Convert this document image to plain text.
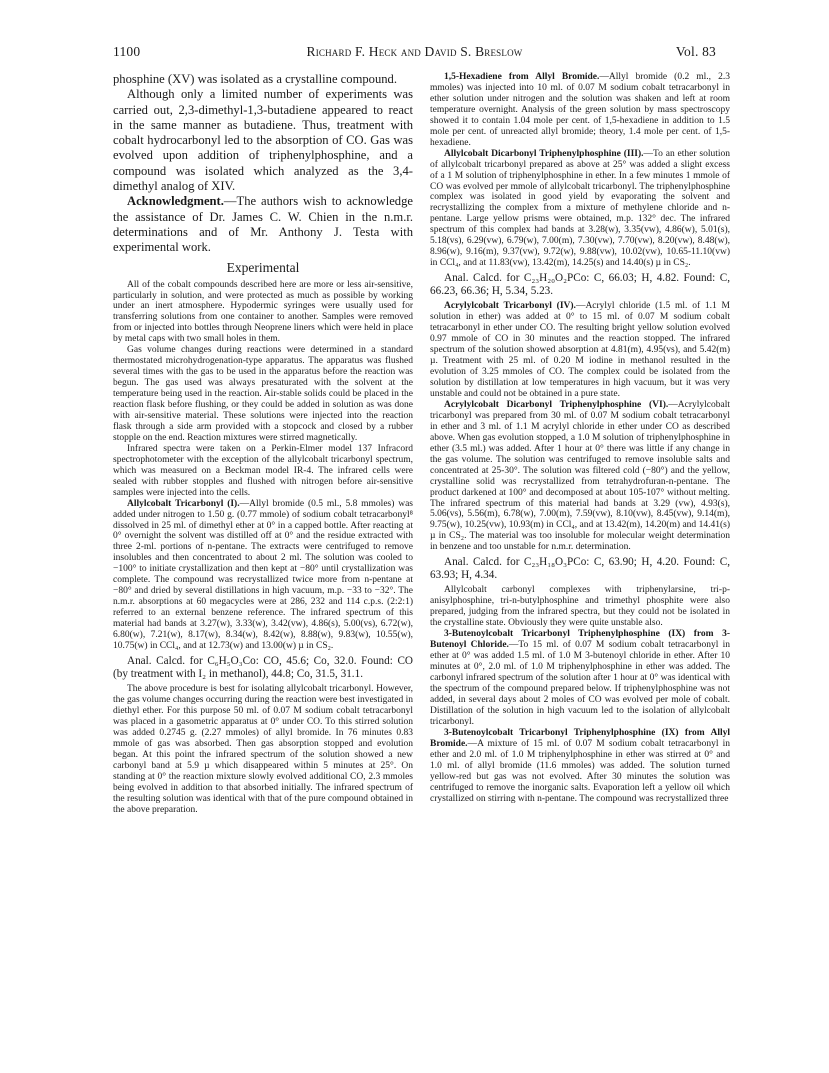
1100	Richard F. Heck and David S. Breslow	Vol. 83

phosphine (XV) was isolated as a crystalline compound.

Although only a limited number of experiments was carried out, 2,3-dimethyl-1,3-butadiene appeared to react in the same manner as butadiene. Thus, treatment with cobalt hydrocarbonyl led to the absorption of CO. Gas was evolved upon addition of triphenylphosphine, and a compound was isolated which analyzed as the 3,4-dimethyl analog of XIV.

Acknowledgment.—The authors wish to acknowledge the assistance of Dr. James C. W. Chien in the n.m.r. determinations and of Mr. Anthony J. Testa with experimental work.

Experimental

All of the cobalt compounds described here are more or less air-sensitive, particularly in solution, and were protected as much as possible by working under an inert atmosphere. Hypodermic syringes were usually used for transferring solutions from one container to another. Samples were removed from or injected into bottles through Neoprene liners which were held in place by metal caps with two small holes in them.

Gas volume changes during reactions were determined in a standard thermostated microhydrogenation-type apparatus. The apparatus was flushed several times with the gas to be used in the apparatus before the reaction was begun. The gas used was always presaturated with the solvent at the temperature being used in the reaction. Air-stable solids could be placed in the reaction flask before flushing, or they could be added in solution as was done with air-sensitive material. These solutions were injected into the reaction flask through a side arm provided with a stopcock and closed by a rubber stopple on the end. Reaction mixtures were stirred magnetically.

Infrared spectra were taken on a Perkin-Elmer model 137 Infracord spectrophotometer with the exception of the allylcobalt tricarbonyl spectrum, which was measured on a Beckman model IR-4. The infrared cells were sealed with rubber stopples and flushed with nitrogen before air-sensitive samples were injected into the cells.

Allylcobalt Tricarbonyl (I).—Allyl bromide (0.5 ml., 5.8 mmoles) was added under nitrogen to 1.50 g. (0.77 mmole) of sodium cobalt tetracarbonyl⁸ dissolved in 25 ml. of dimethyl ether at 0° in a capped bottle. After reacting at 0° overnight the solvent was distilled off at 0° and the residue extracted with three 2-ml. portions of n-pentane. The extracts were centrifuged to remove insolubles and then concentrated to about 2 ml. The solution was cooled to −100° to initiate crystallization and then kept at −80° until crystallization was complete. The compound was recrystallized twice more from n-pentane at −80° and dried by several distillations in high vacuum, m.p. −33 to −32°. The n.m.r. absorptions at 60 megacycles were at 286, 232 and 114 c.p.s. (2:2:1) referred to an external benzene reference. The infrared spectrum of this material had bands at 3.27(w), 3.33(w), 3.42(vw), 4.86(s), 5.00(vs), 6.72(w), 6.80(w), 7.21(w), 8.17(w), 8.34(w), 8.42(w), 8.88(w), 9.83(w), 10.55(w), 10.75(w) in CCl₄, and at 12.73(w) and 13.00(w) µ in CS₂.

Anal. Calcd. for C₆H₅O₃Co: CO, 45.6; Co, 32.0. Found: CO (by treatment with I₂ in methanol), 44.8; Co, 31.5, 31.1.

The above procedure is best for isolating allylcobalt tricarbonyl. However, the gas volume changes occurring during the reaction were best investigated in diethyl ether. For this purpose 50 ml. of 0.07 M sodium cobalt tetracarbonyl was placed in a gasometric apparatus at 0° under CO. To this stirred solution was added 0.2745 g. (2.27 mmoles) of allyl bromide. In 76 minutes 0.83 mmole of gas was absorbed. Then gas absorption stopped and evolution began. At this point the infrared spectrum of the solution showed a new carbonyl band at 5.9 µ which disappeared within 5 minutes at 25°. On standing at 0° the reaction mixture slowly evolved additional CO, 2.3 mmoles being evolved in addition to that absorbed initially. The infrared spectrum of the resulting solution was identical with that of the pure compound obtained in the above preparation.

1,5-Hexadiene from Allyl Bromide.—Allyl bromide (0.2 ml., 2.3 mmoles) was injected into 10 ml. of 0.07 M sodium cobalt tetracarbonyl in ether solution under nitrogen and the solution was shaken and left at room temperature overnight. Analysis of the green solution by mass spectroscopy showed it to contain 1.04 mole per cent. of 1,5-hexadiene in addition to 1.5 mole per cent. of unreacted allyl bromide; theory, 1.4 mole per cent. of 1,5-hexadiene.

Allylcobalt Dicarbonyl Triphenylphosphine (III).—To an ether solution of allylcobalt tricarbonyl prepared as above at 25° was added a slight excess of a 1 M solution of triphenylphosphine in ether. In a few minutes 1 mmole of CO was evolved per mmole of allylcobalt tricarbonyl. The triphenylphosphine complex was isolated in good yield by evaporating the solvent and recrystallizing the complex from a mixture of methylene chloride and n-pentane. Large yellow prisms were obtained, m.p. 132° dec. The infrared spectrum of this complex had bands at 3.28(w), 3.35(vw), 4.86(w), 5.01(s), 5.18(vs), 6.29(vw), 6.79(w), 7.00(m), 7.30(vw), 7.70(vw), 8.20(vw), 8.48(w), 8.96(w), 9.16(m), 9.37(vw), 9.72(w), 9.88(vw), 10.02(vw), 10.65-11.10(vw) in CCl₄, and at 11.83(vw), 13.42(m), 14.25(s) and 14.40(s) µ in CS₂.

Anal. Calcd. for C₂₃H₂₀O₂PCo: C, 66.03; H, 4.82. Found: C, 66.23, 66.36; H, 5.34, 5.23.

Acrylylcobalt Tricarbonyl (IV).—Acrylyl chloride (1.5 ml. of 1.1 M solution in ether) was added at 0° to 15 ml. of 0.07 M sodium cobalt tetracarbonyl in ether under CO. The resulting bright yellow solution evolved 0.97 mmole of CO in 30 minutes and the reaction stopped. The infrared spectrum of the solution showed absorption at 4.81(m), 4.95(vs), and 5.42(m) µ. Treatment with 25 ml. of 0.20 M iodine in methanol resulted in the evolution of 3.25 mmoles of CO. The complex could be isolated from the solution by distillation at low temperatures in high vacuum, but it was very unstable and could not be obtained in a pure state.

Acrylylcobalt Dicarbonyl Triphenylphosphine (VI).—Acrylylcobalt tricarbonyl was prepared from 30 ml. of 0.07 M sodium cobalt tetracarbonyl in ether and 3 ml. of 1.1 M acrylyl chloride in ether under CO as described above. When gas evolution stopped, a 1.0 M solution of triphenylphosphine in ether (3.5 ml.) was added. After 1 hour at 0° there was little if any change in the gas volume. The solution was centrifuged to remove insoluble salts and concentrated at 25-30°. The solution was filtered cold (−80°) and the yellow, crystalline solid was recrystallized from tetrahydrofuran-n-pentane. The product darkened at 100° and decomposed at about 105-107° without melting. The infrared spectrum of this material had bands at 3.29 (vw), 4.93(s), 5.06(vs), 5.56(m), 6.78(w), 7.00(m), 7.59(vw), 8.10(vw), 8.45(vw), 9.14(m), 9.75(w), 10.25(vw), 10.93(m) in CCl₄, and at 13.42(m), 14.20(m) and 14.41(s) µ in CS₂. The material was too insoluble for molecular weight determination in benzene and too unstable for n.m.r. determination.

Anal. Calcd. for C₂₃H₁₈O₃PCo: C, 63.90; H, 4.20. Found: C, 63.93; H, 4.34.

Allylcobalt carbonyl complexes with triphenylarsine, tri-p-anisylphosphine, tri-n-butylphosphine and trimethyl phosphite were also prepared, judging from the infrared spectra, but they could not be isolated in the crystalline state. Obviously they were quite unstable also.

3-Butenoylcobalt Tricarbonyl Triphenylphosphine (IX) from 3-Butenoyl Chloride.—To 15 ml. of 0.07 M sodium cobalt tetracarbonyl in ether at 0° was added 1.5 ml. of 1.0 M 3-butenoyl chloride in ether. After 10 minutes at 0°, 2.0 ml. of 1.0 M triphenylphosphine in ether was added. The carbonyl infrared spectrum of the solution after 1 hour at 0° was identical with the spectrum of the compound prepared below. If triphenylphosphine was not added, in several days about 2 moles of CO was evolved per mole of cobalt. Distillation of the solution in high vacuum led to the isolation of allylcobalt tricarbonyl.

3-Butenoylcobalt Tricarbonyl Triphenylphosphine (IX) from Allyl Bromide.—A mixture of 15 ml. of 0.07 M sodium cobalt tetracarbonyl in ether and 2.0 ml. of 1.0 M triphenylphosphine in ether was stirred at 0° and 1.0 ml. of allyl bromide (11.6 mmoles) was added. The solution turned yellow-red but gas was not evolved. After 30 minutes the solution was centrifuged to remove the inorganic salts. Evaporation left a yellow oil which crystallized on stirring with n-pentane. The compound was recrystallized three
